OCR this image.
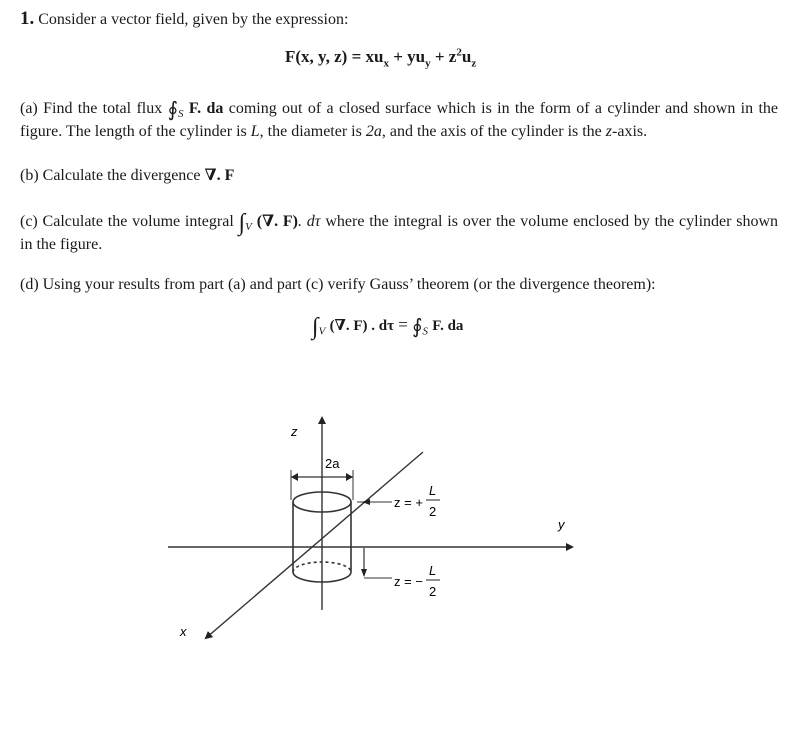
1. Consider a vector field, given by the expression:
F(x, y, $z) = xu_x + yu_y + z^2u_z$
(a) Find the total flux $∮_S$ F. da coming out of a closed surface which is in the form of a cylinder and shown in the figure. The length of the cylinder is L, the diameter is 2a, and the axis of the cylinder is the z-axis.
(b) Calculate the divergence ∇. F
(c) Calculate the volume integral $\int_V$ (∇. F). dτ where the integral is over the volume enclosed by the cylinder shown in the figure.
(d) Using your results from part (a) and part (c) verify Gauss’ theorem (or the divergence theorem):
$\int_V$ (∇. F) . $d\tau = ∮_S$ F. da
z
y
x
2a
z = +
L
2
z = −
L
2
